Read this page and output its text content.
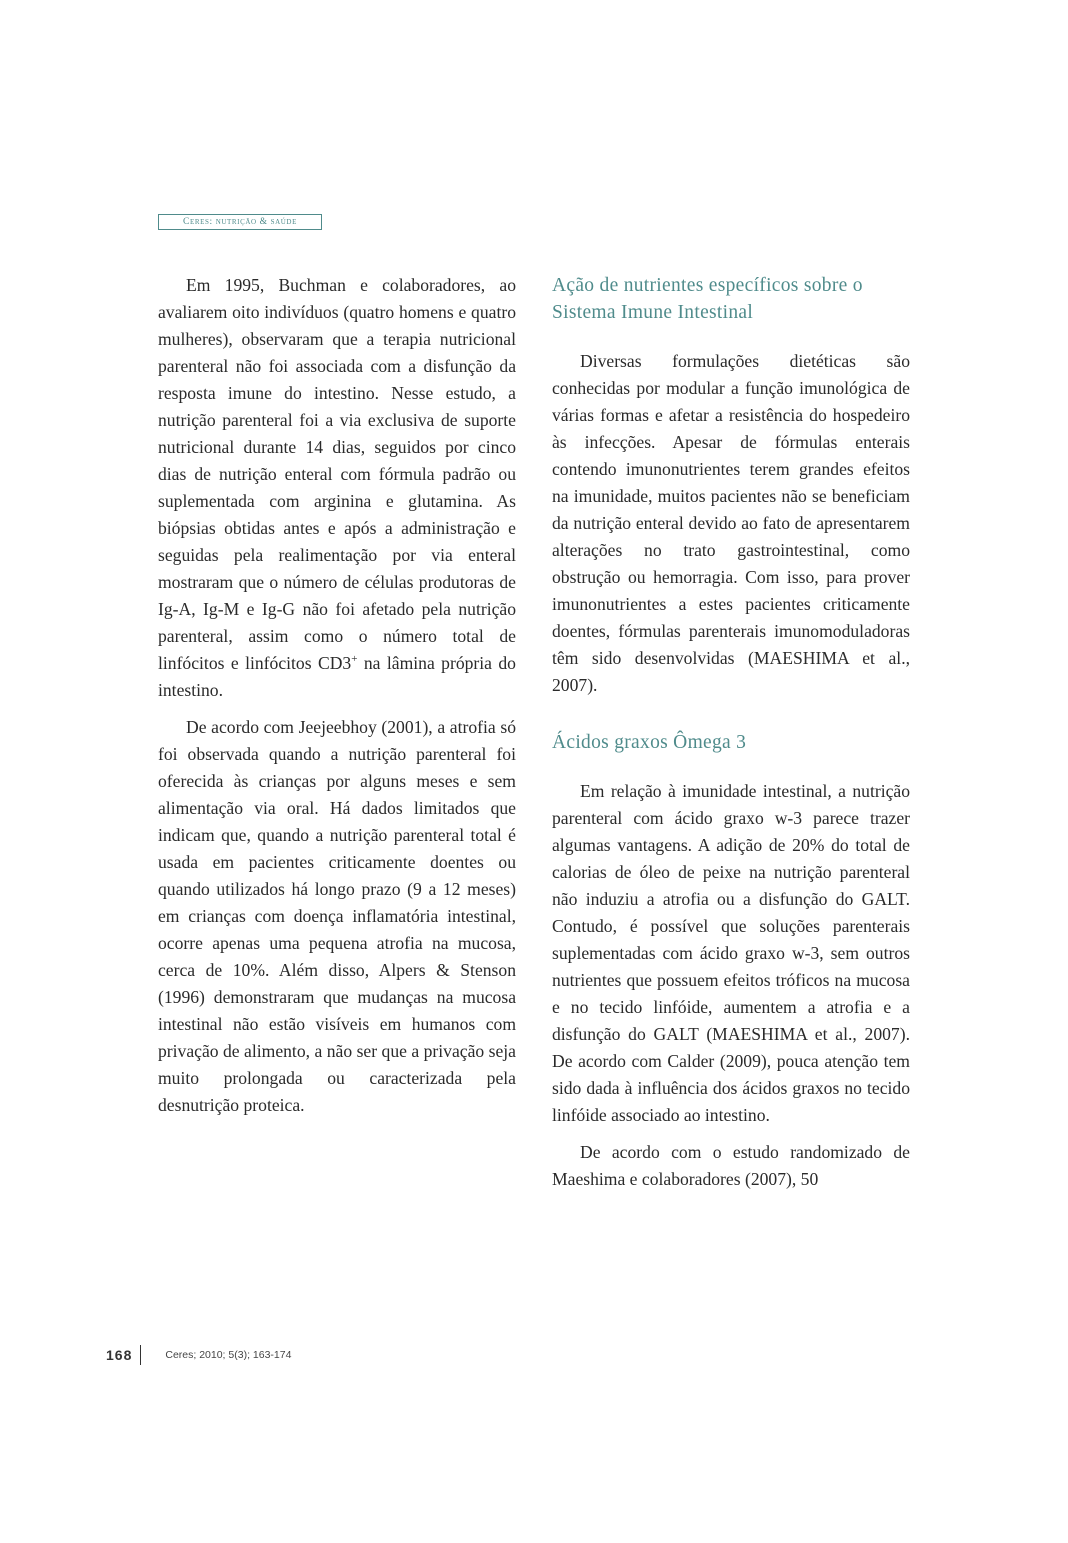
Ceres: nutrição & saúde

Em 1995, Buchman e colaboradores, ao avaliarem oito indivíduos (quatro homens e quatro mulheres), observaram que a terapia nutricional parenteral não foi associada com a disfunção da resposta imune do intestino. Nesse estudo, a nutrição parenteral foi a via exclusiva de suporte nutricional durante 14 dias, seguidos por cinco dias de nutrição enteral com fórmula padrão ou suplementada com arginina e glutamina. As biópsias obtidas antes e após a administração e seguidas pela realimentação por via enteral mostraram que o número de células produtoras de Ig-A, Ig-M e Ig-G não foi afetado pela nutrição parenteral, assim como o número total de linfócitos e linfócitos CD3+ na lâmina própria do intestino.

De acordo com Jeejeebhoy (2001), a atrofia só foi observada quando a nutrição parenteral foi oferecida às crianças por alguns meses e sem alimentação via oral. Há dados limitados que indicam que, quando a nutrição parenteral total é usada em pacientes criticamente doentes ou quando utilizados há longo prazo (9 a 12 meses) em crianças com doença inflamatória intestinal, ocorre apenas uma pequena atrofia na mucosa, cerca de 10%. Além disso, Alpers & Stenson (1996) demonstraram que mudanças na mucosa intestinal não estão visíveis em humanos com privação de alimento, a não ser que a privação seja muito prolongada ou caracterizada pela desnutrição proteica.

Ação de nutrientes específicos sobre o Sistema Imune Intestinal

Diversas formulações dietéticas são conhecidas por modular a função imunológica de várias formas e afetar a resistência do hospedeiro às infecções. Apesar de fórmulas enterais contendo imunonutrientes terem grandes efeitos na imunidade, muitos pacientes não se beneficiam da nutrição enteral devido ao fato de apresentarem alterações no trato gastrointestinal, como obstrução ou hemorragia. Com isso, para prover imunonutrientes a estes pacientes criticamente doentes, fórmulas parenterais imunomoduladoras têm sido desenvolvidas (MAESHIMA et al., 2007).

Ácidos graxos Ômega 3

Em relação à imunidade intestinal, a nutrição parenteral com ácido graxo w-3 parece trazer algumas vantagens. A adição de 20% do total de calorias de óleo de peixe na nutrição parenteral não induziu a atrofia ou a disfunção do GALT. Contudo, é possível que soluções parenterais suplementadas com ácido graxo w-3, sem outros nutrientes que possuem efeitos tróficos na mucosa e no tecido linfóide, aumentem a atrofia e a disfunção do GALT (MAESHIMA et al., 2007). De acordo com Calder (2009), pouca atenção tem sido dada à influência dos ácidos graxos no tecido linfóide associado ao intestino.

De acordo com o estudo randomizado de Maeshima e colaboradores (2007), 50

168	Ceres; 2010; 5(3); 163-174
